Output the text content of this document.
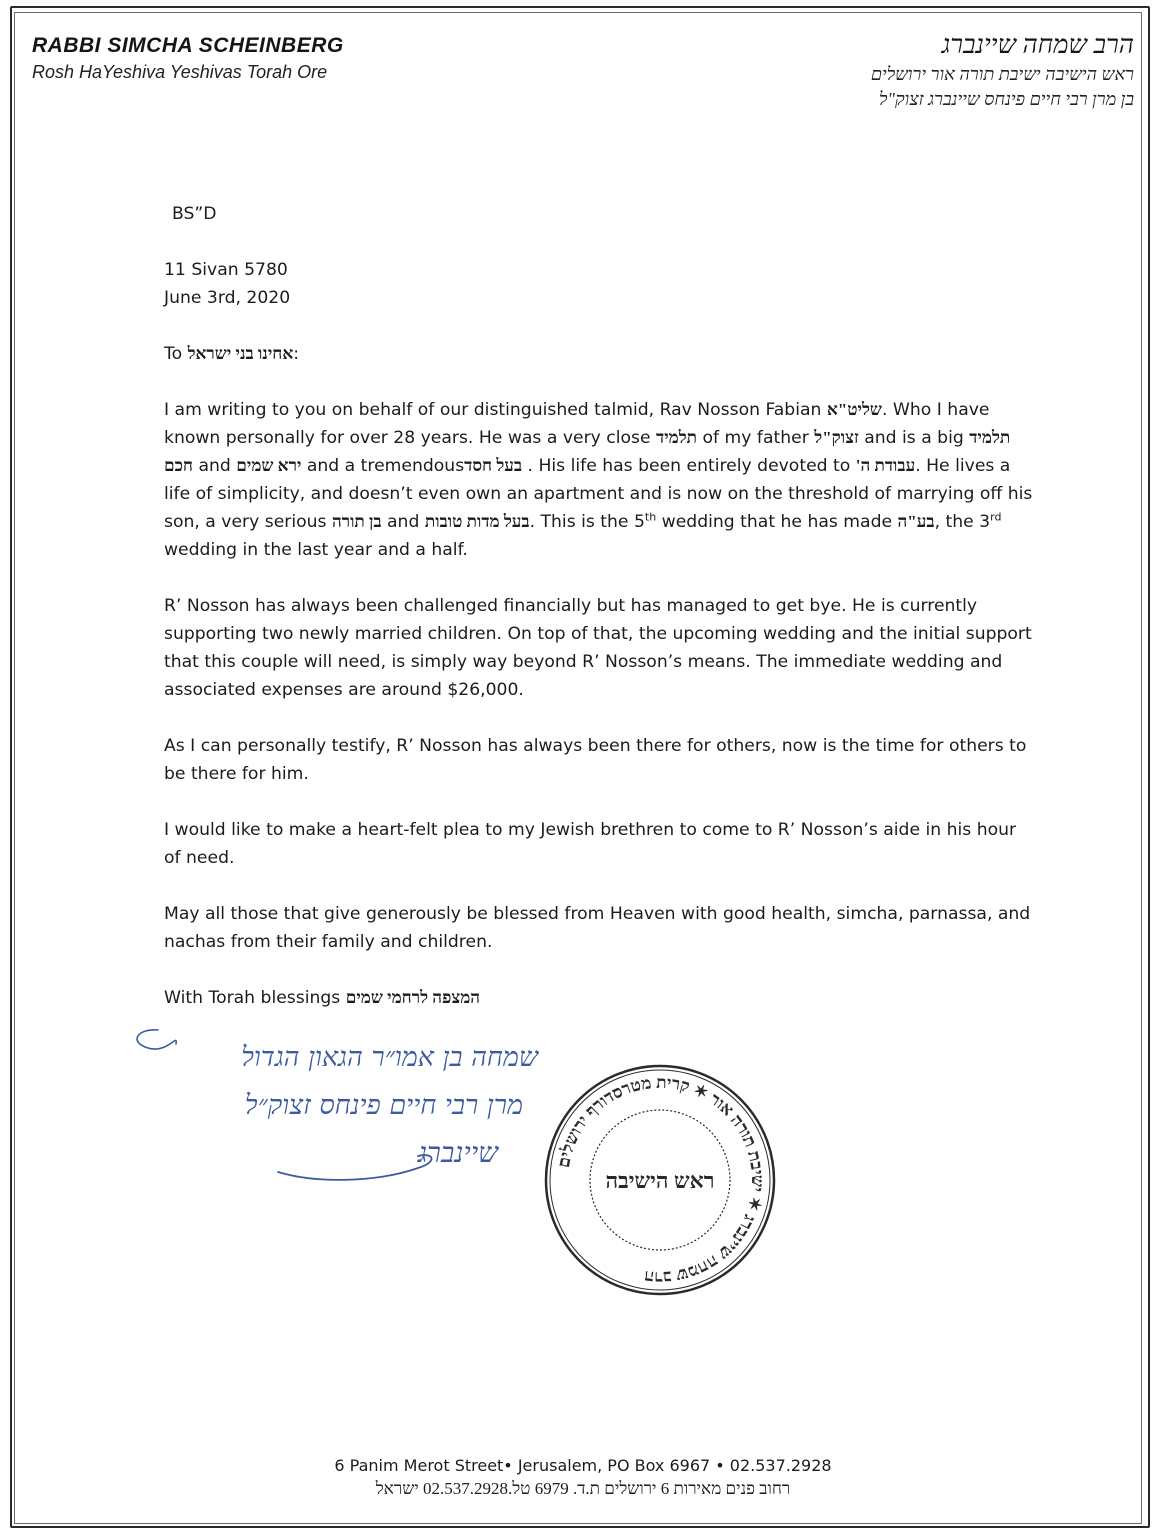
RABBI SIMCHA SCHEINBERG
Rosh HaYeshiva Yeshivas Torah Ore
הרב שמחה שיינברג
ראש הישיבה ישיבת תורה אור ירושלים
בן מרן רבי חיים פינחס שיינברג זצוק"ל

BS”D

11 Sivan 5780

June 3rd, 2020

To אחינו בני ישראל:

I am writing to you on behalf of our distinguished talmid, Rav Nosson Fabian שליט"א. Who I have known personally for over 28 years. He was a very close תלמיד of my father זצוק"ל and is a big תלמיד חכם and ירא שמים and a tremendousבעל חסד . His life has been entirely devoted to עבודת ה'. He lives a life of simplicity, and doesn’t even own an apartment and is now on the threshold of marrying off his son, a very serious בן תורה and בעל מדות טובות. This is the 5th wedding that he has made בע"ה, the 3rd wedding in the last year and a half.

R’ Nosson has always been challenged financially but has managed to get bye. He is currently supporting two newly married children. On top of that, the upcoming wedding and the initial support that this couple will need, is simply way beyond R’ Nosson’s means. The immediate wedding and associated expenses are around $26,000.

As I can personally testify, R’ Nosson has always been there for others, now is the time for others to be there for him.

I would like to make a heart-felt plea to my Jewish brethren to come to R’ Nosson’s aide in his hour of need.

May all those that give generously be blessed from Heaven with good health, simcha, parnassa, and nachas from their family and children.

With Torah blessings המצפה לרחמי שמים

שמחה בן אמו״ר הגאון הגדול
מרן רבי חיים פינחס זצוק״ל
שיינברג	הרב שמחה שיינברג ✶ ישיבת תורה אור ✶ קרית מטרסדורף ירושלים
ראש הישיבה
6 Panim Merot Street• Jerusalem, PO Box 6967 • 02.537.2928
רחוב פנים מאירות 6 ירושלים ת.ד. 6979 טל.02.537.2928 ישראל
